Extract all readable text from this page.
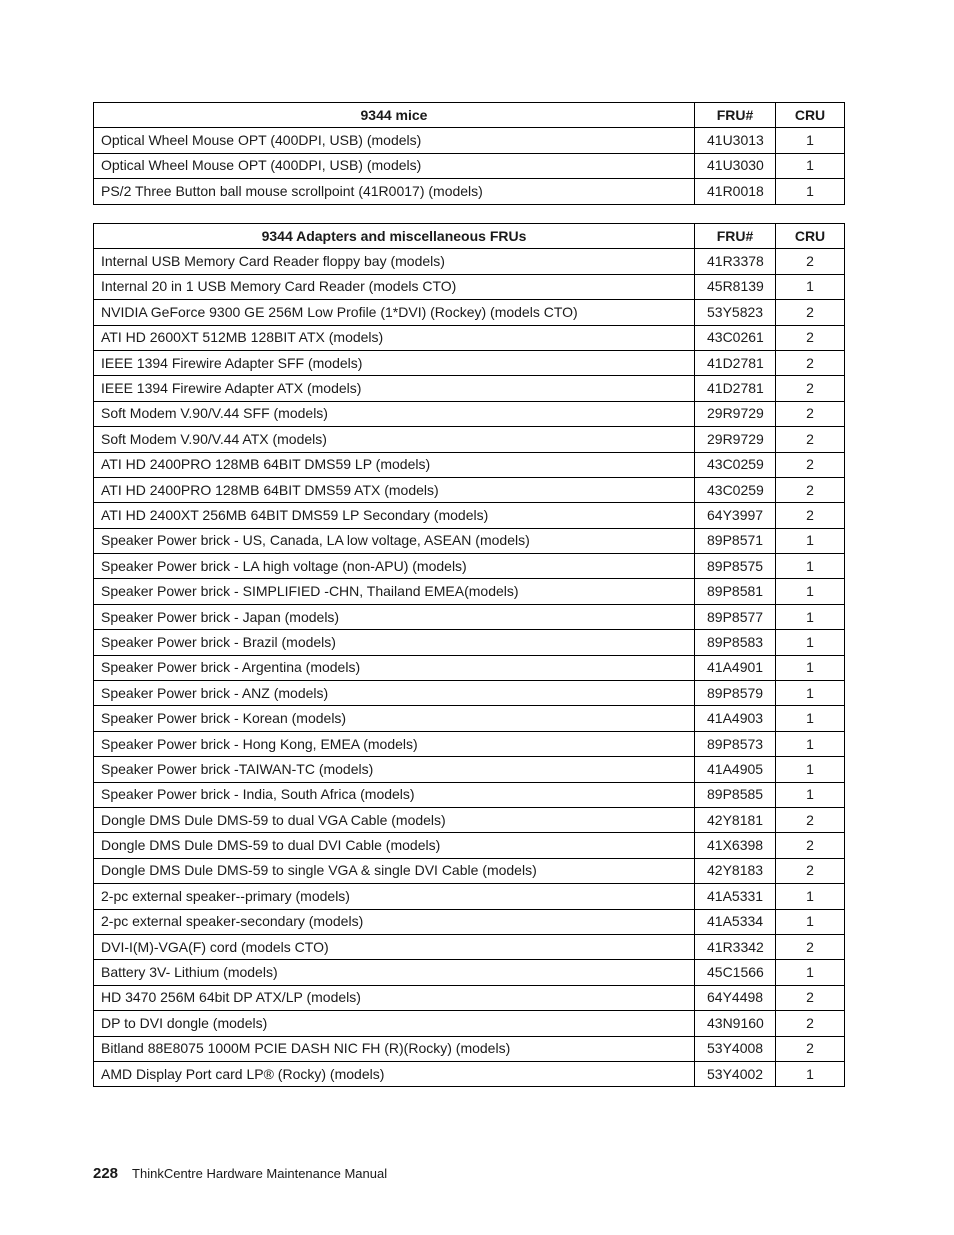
9344 mice	FRU#	CRU
Optical Wheel Mouse OPT (400DPI, USB) (models)	41U3013	1
Optical Wheel Mouse OPT (400DPI, USB) (models)	41U3030	1
PS/2 Three Button ball mouse scrollpoint (41R0017) (models)	41R0018	1
9344 Adapters and miscellaneous FRUs	FRU#	CRU
Internal USB Memory Card Reader floppy bay (models)	41R3378	2
Internal 20 in 1 USB Memory Card Reader (models CTO)	45R8139	1
NVIDIA GeForce 9300 GE 256M Low Profile (1*DVI) (Rockey) (models CTO)	53Y5823	2
ATI HD 2600XT 512MB 128BIT ATX (models)	43C0261	2
IEEE 1394 Firewire Adapter SFF (models)	41D2781	2
IEEE 1394 Firewire Adapter ATX (models)	41D2781	2
Soft Modem V.90/V.44 SFF (models)	29R9729	2
Soft Modem V.90/V.44 ATX (models)	29R9729	2
ATI HD 2400PRO 128MB 64BIT DMS59 LP (models)	43C0259	2
ATI HD 2400PRO 128MB 64BIT DMS59 ATX (models)	43C0259	2
ATI HD 2400XT 256MB 64BIT DMS59 LP Secondary (models)	64Y3997	2
Speaker Power brick - US, Canada, LA low voltage, ASEAN (models)	89P8571	1
Speaker Power brick - LA high voltage (non-APU) (models)	89P8575	1
Speaker Power brick - SIMPLIFIED -CHN, Thailand EMEA(models)	89P8581	1
Speaker Power brick - Japan (models)	89P8577	1
Speaker Power brick - Brazil (models)	89P8583	1
Speaker Power brick - Argentina (models)	41A4901	1
Speaker Power brick - ANZ (models)	89P8579	1
Speaker Power brick - Korean (models)	41A4903	1
Speaker Power brick - Hong Kong, EMEA (models)	89P8573	1
Speaker Power brick -TAIWAN-TC (models)	41A4905	1
Speaker Power brick - India, South Africa (models)	89P8585	1
Dongle DMS Dule DMS-59 to dual VGA Cable (models)	42Y8181	2
Dongle DMS Dule DMS-59 to dual DVI Cable (models)	41X6398	2
Dongle DMS Dule DMS-59 to single VGA & single DVI Cable (models)	42Y8183	2
2-pc external speaker--primary (models)	41A5331	1
2-pc external speaker-secondary (models)	41A5334	1
DVI-I(M)-VGA(F) cord (models CTO)	41R3342	2
Battery 3V- Lithium (models)	45C1566	1
HD 3470 256M 64bit DP ATX/LP (models)	64Y4498	2
DP to DVI dongle (models)	43N9160	2
Bitland 88E8075 1000M PCIE DASH NIC FH (R)(Rocky) (models)	53Y4008	2
AMD Display Port card LP® (Rocky) (models)	53Y4002	1
228 ThinkCentre Hardware Maintenance Manual
